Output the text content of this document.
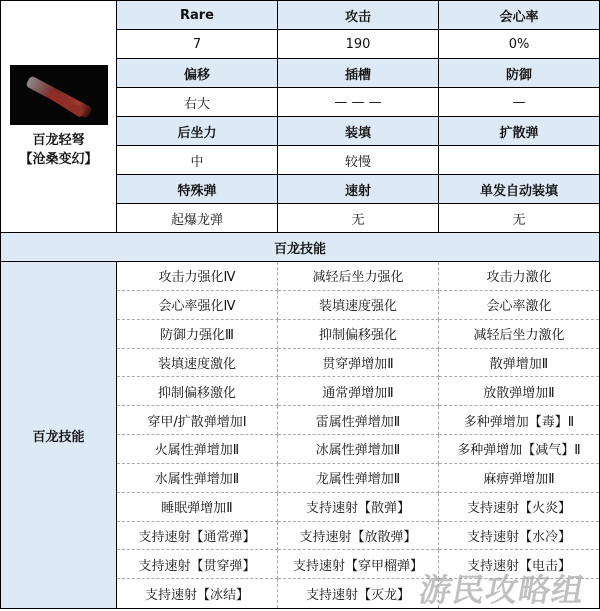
百龙轻弩
【沧桑变幻】
Rare	攻击	会心率
7	190	0%
偏移	插槽	防御
右大	— — —	—
后坐力	装填	扩散弹
中	较慢
特殊弹	速射	单发自动装填
起爆龙弹	无	无
百龙技能
百龙技能
攻击力强化Ⅳ	减轻后坐力强化	攻击力激化
会心率强化Ⅳ	装填速度强化	会心率激化
防御力强化Ⅲ	抑制偏移强化	减轻后坐力激化
装填速度激化	贯穿弹增加Ⅱ	散弹增加Ⅱ
抑制偏移激化	通常弹增加Ⅱ	放散弹增加Ⅱ
穿甲/扩散弹增加Ⅰ	雷属性弹增加Ⅱ	多种弹增加【毒】Ⅱ
火属性弹增加Ⅱ	冰属性弹增加Ⅱ	多种弹增加【减气】Ⅱ
水属性弹增加Ⅱ	龙属性弹增加Ⅱ	麻痹弹增加Ⅱ
睡眠弹增加Ⅱ	支持速射【散弹】	支持速射【火炎】
支持速射【通常弹】	支持速射【放散弹】	支持速射【水冷】
支持速射【贯穿弹】	支持速射【穿甲榴弹】	支持速射【电击】
支持速射【冰结】	支持速射【灭龙】 游民攻略组
